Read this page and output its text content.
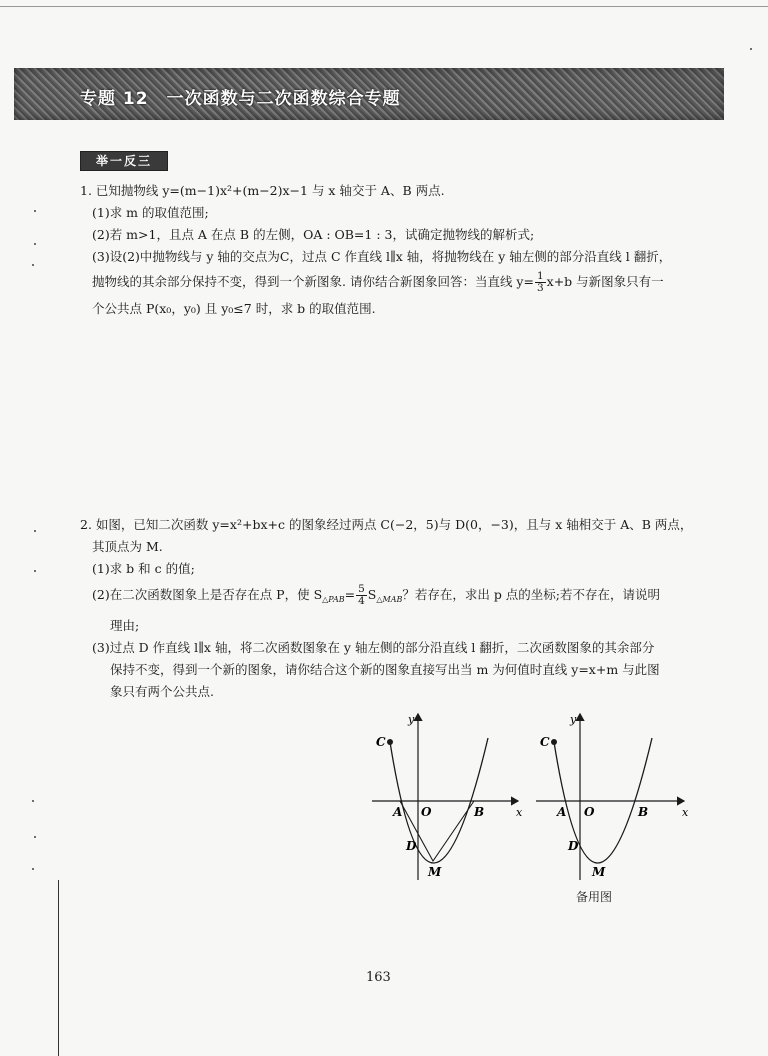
专题 12　一次函数与二次函数综合专题
举一反三

1. 已知抛物线 y=(m−1)x²+(m−2)x−1 与 x 轴交于 A、B 两点.

(1)求 m 的取值范围;

(2)若 m>1，且点 A 在点 B 的左侧，OA : OB=1 : 3，试确定抛物线的解析式;

(3)设(2)中抛物线与 y 轴的交点为C，过点 C 作直线 l∥x 轴，将抛物线在 y 轴左侧的部分沿直线 l 翻折，

抛物线的其余部分保持不变，得到一个新图象. 请你结合新图象回答：当直线 $y= \frac{1}{3} x+b$ 与新图象只有一

个公共点 P(x₀，y₀) 且 y₀≤7 时，求 b 的取值范围.

2. 如图，已知二次函数 y=x²+bx+c 的图象经过两点 C(−2，5)与 D(0，−3)，且与 x 轴相交于 A、B 两点，

其顶点为 M.

(1)求 b 和 c 的值;

(2)在二次函数图象上是否存在点 P，使 $S_{\triangle PAB}= \frac{5}{4} S_{\triangle MAB}$？若存在，求出 p 点的坐标;若不存在，请说明

理由;

(3)过点 D 作直线 l∥x 轴，将二次函数图象在 y 轴左侧的部分沿直线 l 翻折，二次函数图象的其余部分

保持不变，得到一个新的图象，请你结合这个新的图象直接写出当 m 为何值时直线 y=x+m 与此图

象只有两个公共点.

y
x
C
A O	B
D
M
y
x
C
A O	B
D
M
备用图
163
